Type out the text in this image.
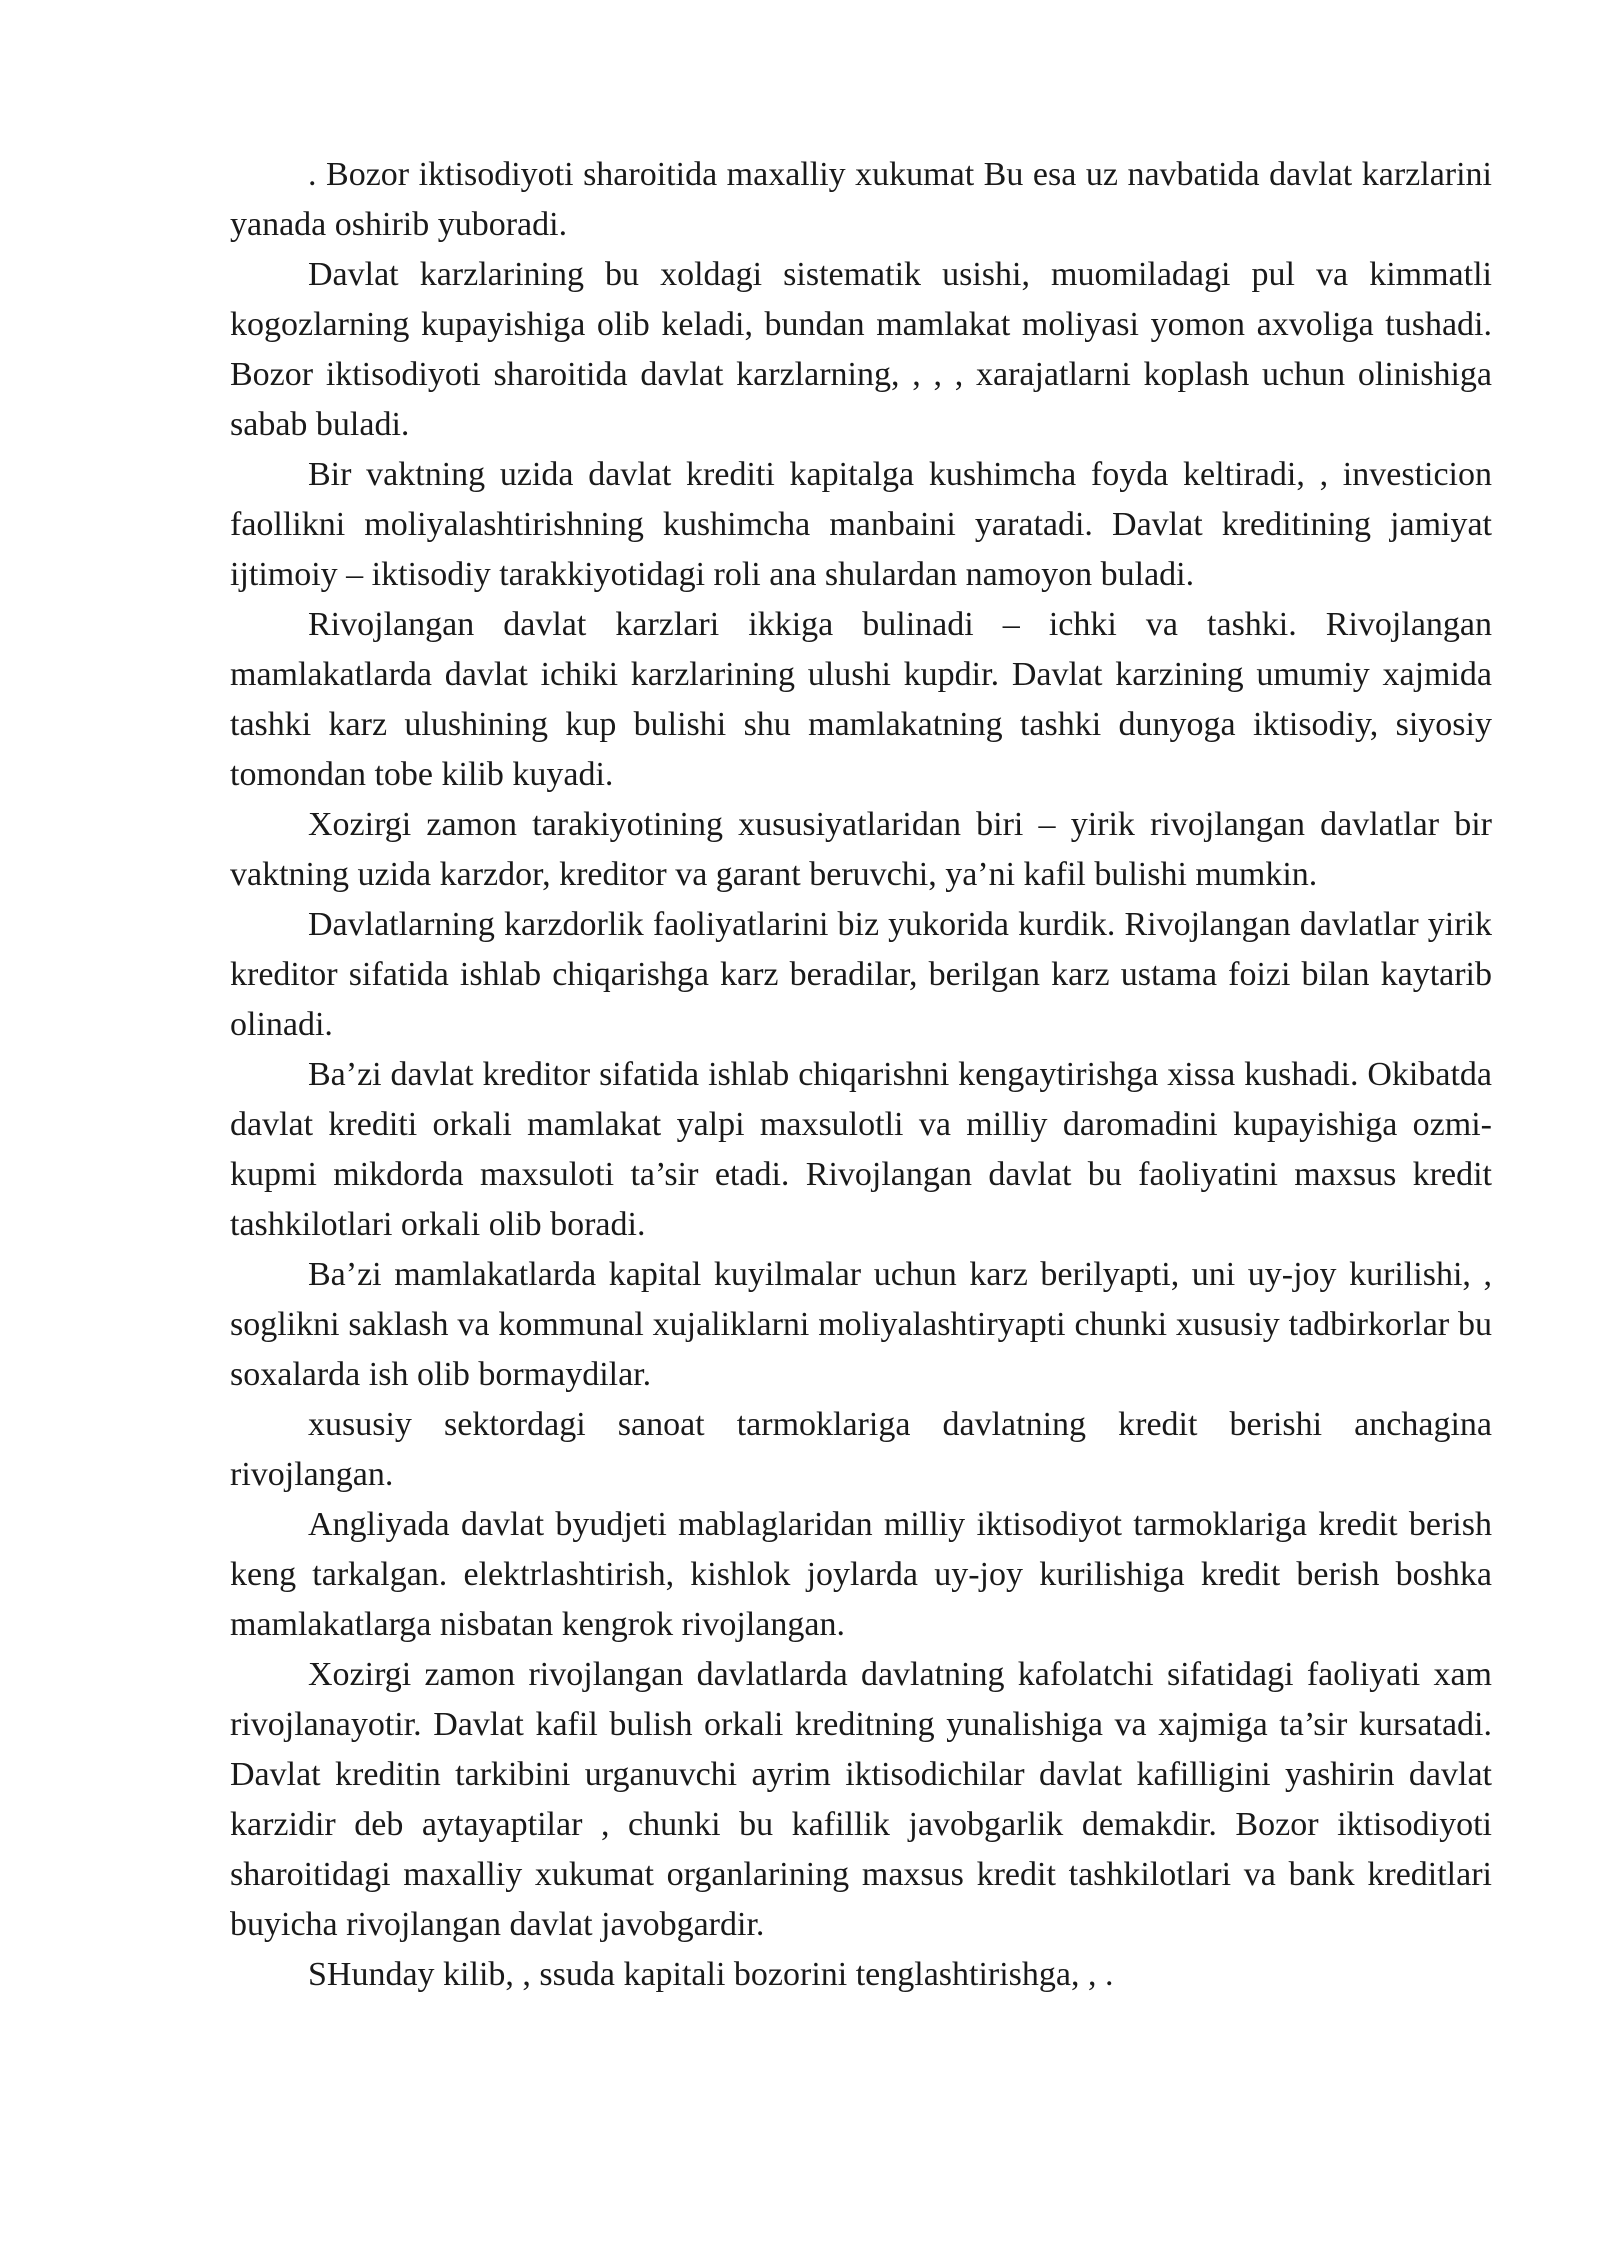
. Bozor iktisodiyoti sharoitida maxalliy xukumat Bu esa uz navbatida davlat karzlarini yanada oshirib yuboradi.

Davlat karzlarining bu xoldagi sistematik usishi, muomiladagi pul va kimmatli kogozlarning kupayishiga olib keladi, bundan mamlakat moliyasi yomon axvoliga tushadi. Bozor iktisodiyoti sharoitida davlat karzlarning, , , , xarajatlarni koplash uchun olinishiga sabab buladi.

Bir vaktning uzida davlat krediti kapitalga kushimcha foyda keltiradi, , investicion faollikni moliyalashtirishning kushimcha manbaini yaratadi. Davlat kreditining jamiyat ijtimoiy – iktisodiy tarakkiyotidagi roli ana shulardan namoyon buladi.

Rivojlangan davlat karzlari ikkiga bulinadi – ichki va tashki. Rivojlangan mamlakatlarda davlat ichiki karzlarining ulushi kupdir. Davlat karzining umumiy xajmida tashki karz ulushining kup bulishi shu mamlakatning tashki dunyoga iktisodiy, siyosiy tomondan tobe kilib kuyadi.

Xozirgi zamon tarakiyotining xususiyatlaridan biri – yirik rivojlangan davlatlar bir vaktning uzida karzdor, kreditor va garant beruvchi, ya’ni kafil bulishi mumkin.

Davlatlarning karzdorlik faoliyatlarini biz yukorida kurdik. Rivojlangan davlatlar yirik kreditor sifatida ishlab chiqarishga karz beradilar, berilgan karz ustama foizi bilan kaytarib olinadi.

Ba’zi davlat kreditor sifatida ishlab chiqarishni kengaytirishga xissa kushadi. Okibatda davlat krediti orkali mamlakat yalpi maxsulotli va milliy daromadini kupayishiga ozmi-kupmi mikdorda maxsuloti ta’sir etadi. Rivojlangan davlat bu faoliyatini maxsus kredit tashkilotlari orkali olib boradi.

Ba’zi mamlakatlarda kapital kuyilmalar uchun karz berilyapti, uni uy-joy kurilishi, , soglikni saklash va kommunal xujaliklarni moliyalashtiryapti chunki xususiy tadbirkorlar bu soxalarda ish olib bormaydilar.

xususiy sektordagi sanoat tarmoklariga davlatning kredit berishi anchagina rivojlangan.

Angliyada davlat byudjeti mablaglaridan milliy iktisodiyot tarmoklariga kredit berish keng tarkalgan. elektrlashtirish, kishlok joylarda uy-joy kurilishiga kredit berish boshka mamlakatlarga nisbatan kengrok rivojlangan.

Xozirgi zamon rivojlangan davlatlarda davlatning kafolatchi sifatidagi faoliyati xam rivojlanayotir. Davlat kafil bulish orkali kreditning yunalishiga va xajmiga ta’sir kursatadi. Davlat kreditin tarkibini urganuvchi ayrim iktisodichilar davlat kafilligini yashirin davlat karzidir deb aytayaptilar , chunki bu kafillik javobgarlik demakdir. Bozor iktisodiyoti sharoitidagi maxalliy xukumat organlarining maxsus kredit tashkilotlari va bank kreditlari buyicha rivojlangan davlat javobgardir.

SHunday kilib, , ssuda kapitali bozorini tenglashtirishga, , .
